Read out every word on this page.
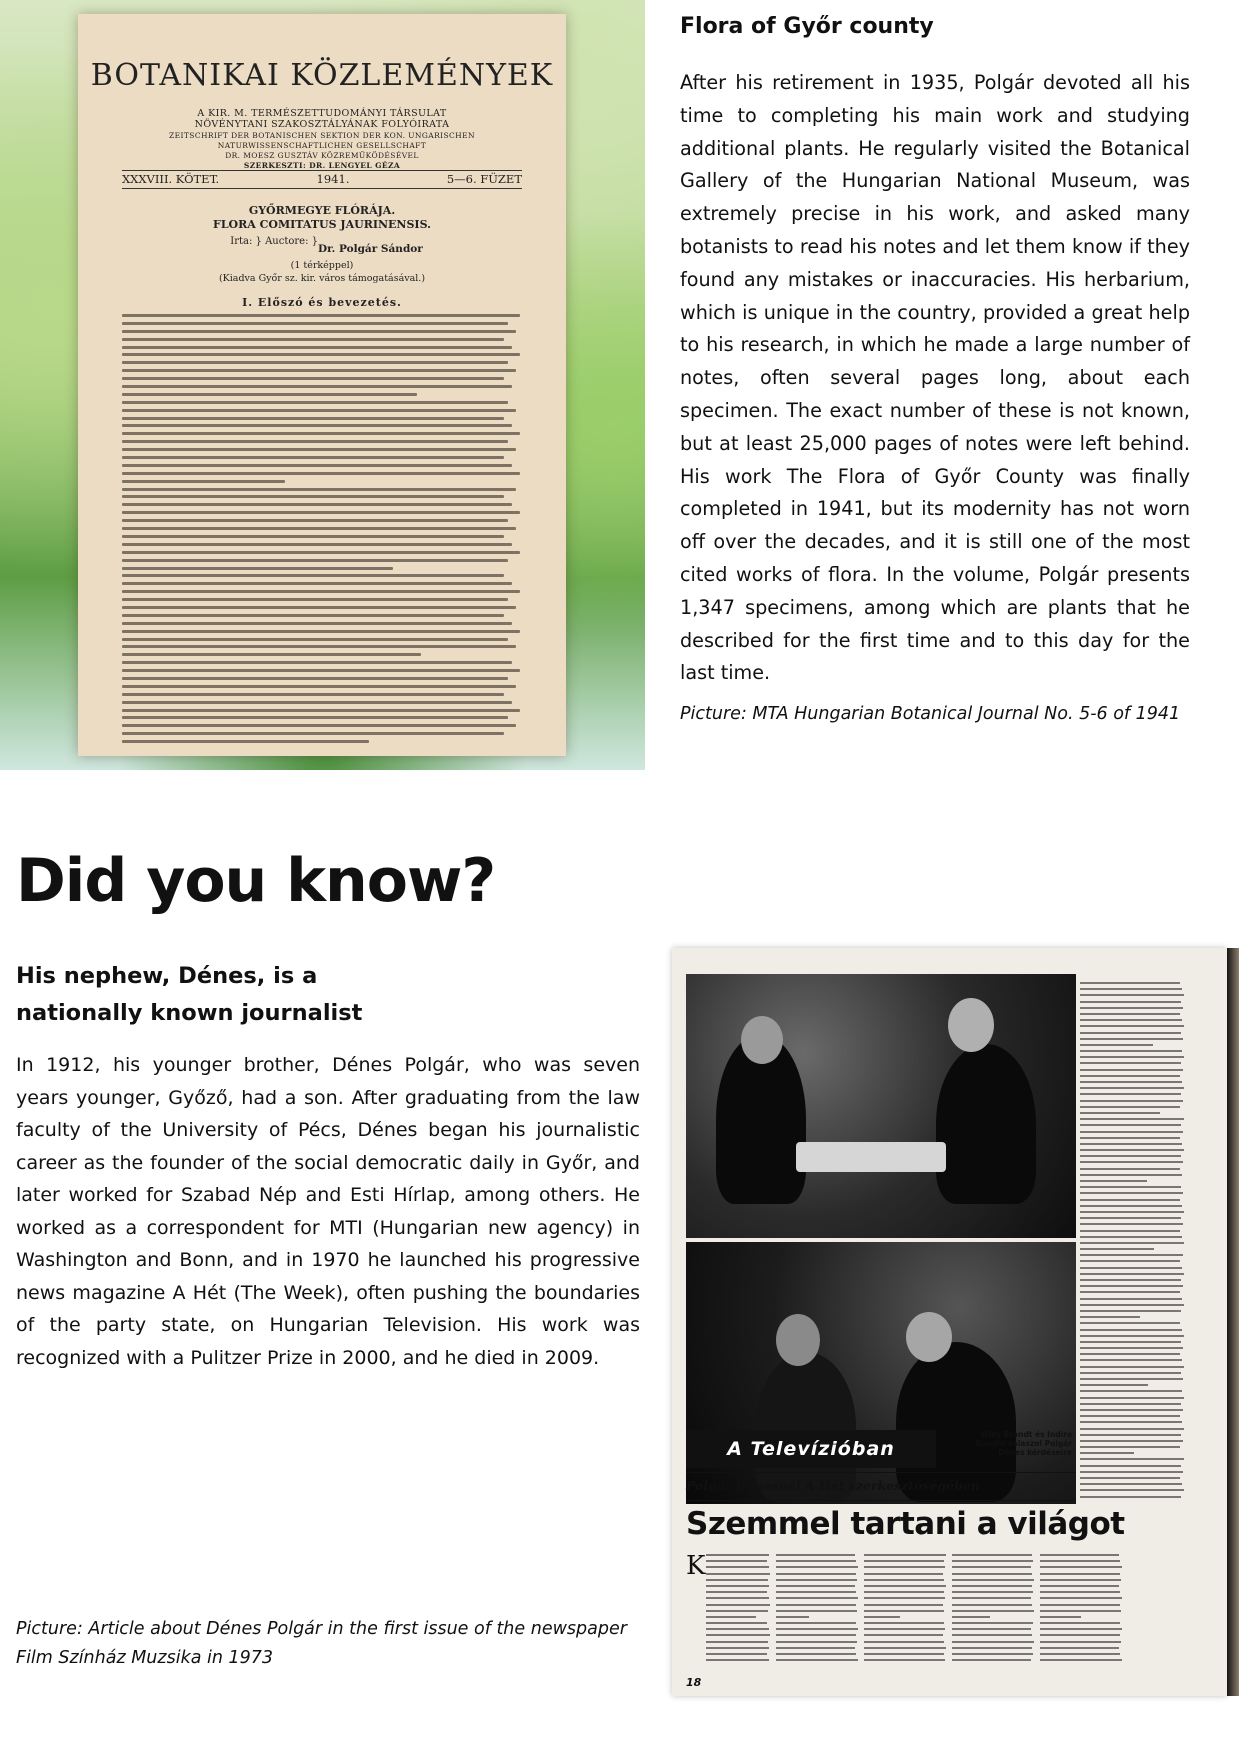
BOTANIKAI KÖZLEMÉNYEK
A KIR. M. TERMÉSZETTUDOMÁNYI TÁRSULAT
NÖVÉNYTANI SZAKOSZTÁLYÁNAK FOLYÓIRATA
ZEITSCHRIFT DER BOTANISCHEN SEKTION DER KON. UNGARISCHEN
NATURWISSENSCHAFTLICHEN GESELLSCHAFT
DR. MOESZ GUSZTÁV KÖZREMŰKÖDÉSÉVEL
SZERKESZTI: DR. LENGYEL GÉZA
XXXVIII. KÖTET.	1941.	5—6. FÜZET
GYŐRMEGYE FLÓRÁJA.
FLORA COMITATUS JAURINENSIS.
Irta: } Auctore: }
Dr. Polgár Sándor
(1 térképpel)
(Kiadva Győr sz. kir. város támogatásával.)
I. Előszó és bevezetés.
Flora of Győr county
After his retirement in 1935, Polgár devoted all his time to completing his main work and studying additional plants. He regularly visited the Botanical Gallery of the Hungarian National Museum, was extremely precise in his work, and asked many botanists to read his notes and let them know if they found any mistakes or inaccuracies. His herbarium, which is unique in the country, provided a great help to his research, in which he made a large number of notes, often several pages long, about each specimen. The exact number of these is not known, but at least 25,000 pages of notes were left behind. His work The Flora of Győr County was finally completed in 1941, but its modernity has not worn off over the decades, and it is still one of the most cited works of flora. In the volume, Polgár presents 1,347 specimens, among which are plants that he described for the first time and to this day for the last time.
Picture: MTA Hungarian Botanical Journal No. 5-6 of 1941
Did you know?
His nephew, Dénes, is a nationally known journalist
In 1912, his younger brother, Dénes Polgár, who was seven years younger, Győző, had a son. After graduating from the law faculty of the University of Pécs, Dénes began his journalistic career as the founder of the social democratic daily in Győr, and later worked for Szabad Nép and Esti Hírlap, among others. He worked as a correspondent for MTI (Hungarian new agency) in Washington and Bonn, and in 1970 he launched his progressive news magazine A Hét (The Week), often pushing the boundaries of the party state, on Hungarian Television. His work was recognized with a Pulitzer Prize in 2000, and he died in 2009.
Picture: Article about Dénes Polgár in the first issue of the newspaper Film Színház Muzsika in 1973
A Televízióban
Willy Brandt és Indira Gandhi válaszol Polgár Dénes kérdéseire
Polgár Dénesnél A Hét szerkesztőségében
Szemmel tartani a világot
K
18
